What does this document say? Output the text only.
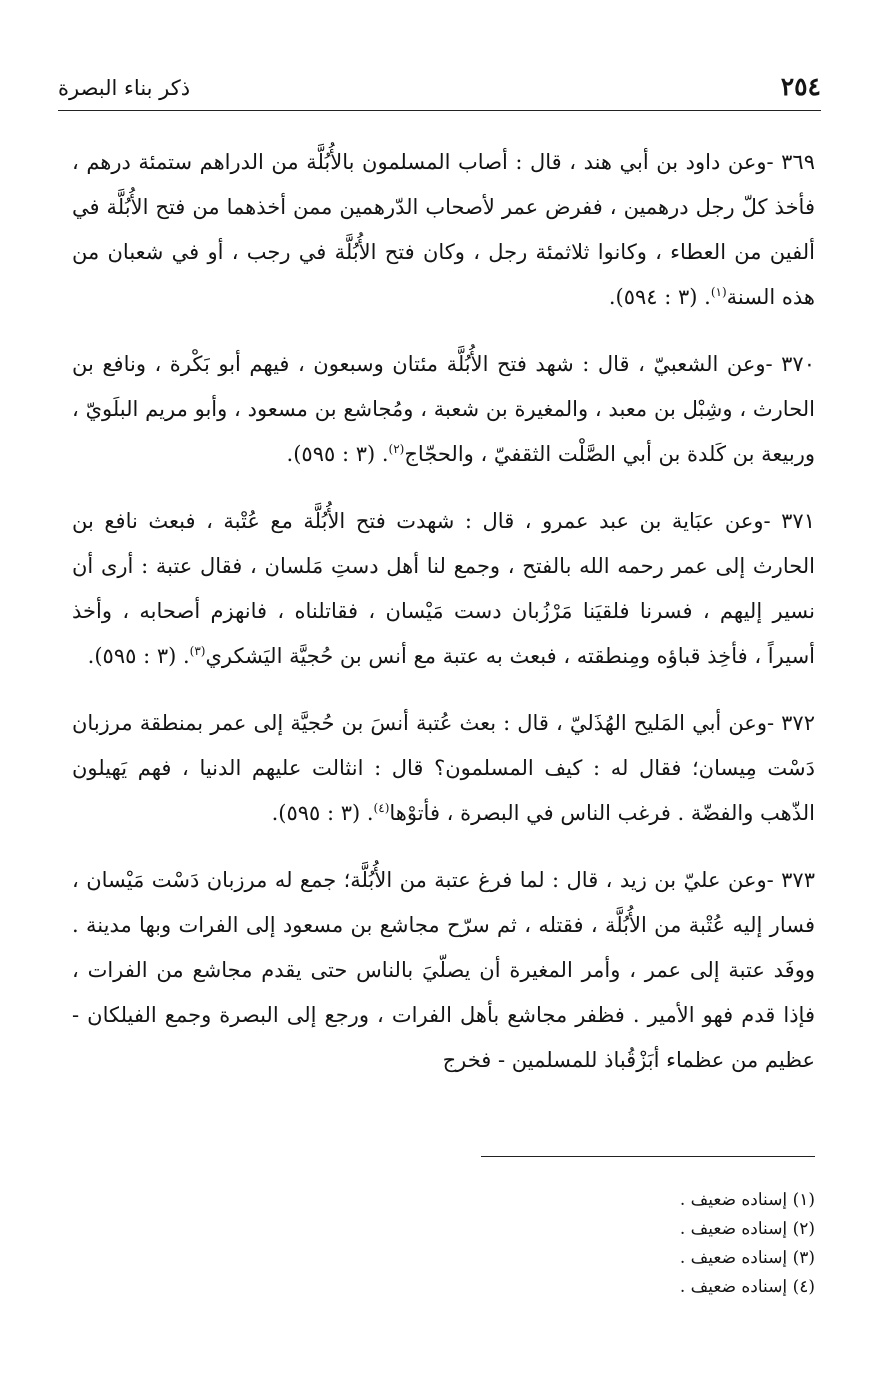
٢٥٤
ذكر بناء البصرة

٣٦٩ -وعن داود بن أبي هند ، قال : أصاب المسلمون بالأُبُلَّة من الدراهم ستمئة درهم ، فأخذ كلّ رجل درهمين ، ففرض عمر لأصحاب الدّرهمين ممن أخذهما من فتح الأُبُلَّة في ألفين من العطاء ، وكانوا ثلاثمئة رجل ، وكان فتح الأُبُلَّة في رجب ، أو في شعبان من هذه السنة$^{(١)}$. (٣ : ٥٩٤).

٣٧٠ -وعن الشعبيّ ، قال : شهد فتح الأُبُلَّة مئتان وسبعون ، فيهم أبو بَكْرة ، ونافع بن الحارث ، وشِبْل بن معبد ، والمغيرة بن شعبة ، ومُجاشع بن مسعود ، وأبو مريم البلَويّ ، وربيعة بن كَلدة بن أبي الصَّلْت الثقفيّ ، والحجّاج$^{(٢)}$. (٣ : ٥٩٥).

٣٧١ -وعن عبَاية بن عبد عمرو ، قال : شهدت فتح الأُبُلَّة مع عُتْبة ، فبعث نافع بن الحارث إلى عمر رحمه الله بالفتح ، وجمع لنا أهل دستِ مَلسان ، فقال عتبة : أرى أن نسير إليهم ، فسرنا فلقيَنا مَرْزُبان دست مَيْسان ، فقاتلناه ، فانهزم أصحابه ، وأخذ أسيراً ، فأخِذ قباؤه ومِنطقته ، فبعث به عتبة مع أنس بن حُجيَّة اليَشكري$^{(٣)}$. (٣ : ٥٩٥).

٣٧٢ -وعن أبي المَليح الهُذَليّ ، قال : بعث عُتبة أنسَ بن حُجيَّة إلى عمر بمنطقة مرزبان دَسْت مِيسان؛ فقال له : كيف المسلمون؟ قال : انثالت عليهم الدنيا ، فهم يَهيلون الذّهب والفضّة . فرغب الناس في البصرة ، فأتوْها$^{(٤)}$. (٣ : ٥٩٥).

٣٧٣ -وعن عليّ بن زيد ، قال : لما فرغ عتبة من الأُبُلَّة؛ جمع له مرزبان دَسْت مَيْسان ، فسار إليه عُتْبة من الأُبُلَّة ، فقتله ، ثم سرّح مجاشع بن مسعود إلى الفرات وبها مدينة . ووفَد عتبة إلى عمر ، وأمر المغيرة أن يصلّيَ بالناس حتى يقدم مجاشع من الفرات ، فإذا قدم فهو الأمير . فظفر مجاشع بأهل الفرات ، ورجع إلى البصرة وجمع الفيلكان - عظيم من عظماء أبَزْقُباذ للمسلمين - فخرج

(١) إسناده ضعيف .
(٢) إسناده ضعيف .
(٣) إسناده ضعيف .
(٤) إسناده ضعيف .
